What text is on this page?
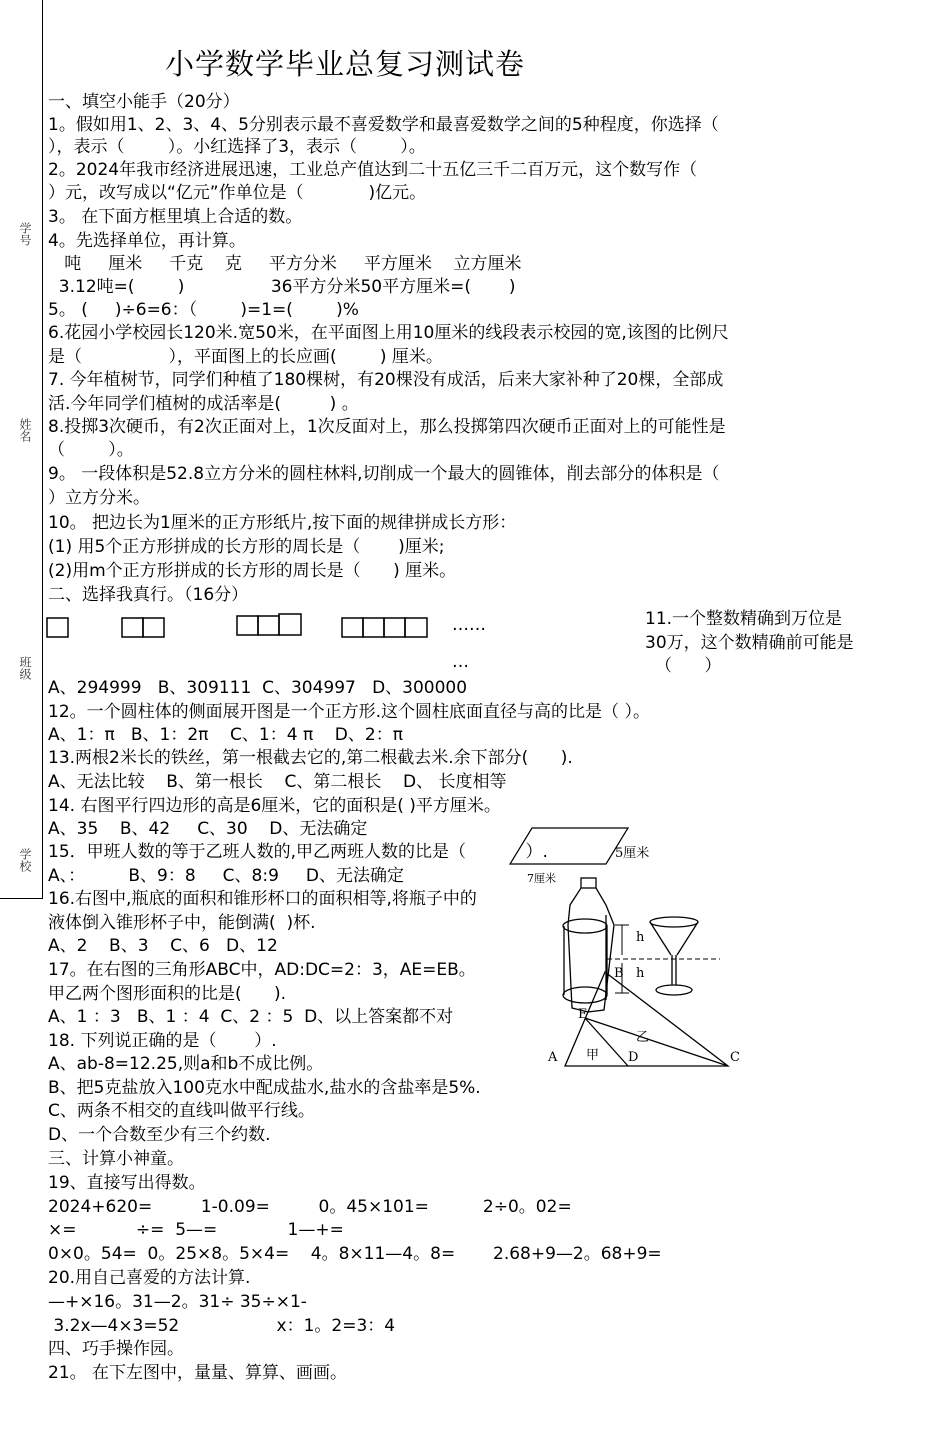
学号
姓名
班级
学校
小学数学毕业总复习测试卷
一、填空小能手（20分）
1。假如用1、2、3、4、5分别表示最不喜爱数学和最喜爱数学之间的5种程度，你选择（
），表示（        ）。小红选择了3，表示（        ）。
2。2024年我市经济进展迅速，工业总产值达到二十五亿三千二百万元，这个数写作（
）元，改写成以“亿元”作单位是（            )亿元。
3。 在下面方框里填上合适的数。
4。先选择单位，再计算。
吨     厘米     千克    克     平方分米     平方厘米    立方厘米
3.12吨=(        )                36平方分米50平方厘米=(       )
5。 (     )÷6=6：（        )=1=(        )%
6.花园小学校园长120米.宽50米，在平面图上用10厘米的线段表示校园的宽,该图的比例尺
是（                ），平面图上的长应画(        ) 厘米。
7. 今年植树节，同学们种植了180棵树，有20棵没有成活，后来大家补种了20棵，全部成
活.今年同学们植树的成活率是(         ) 。
8.投掷3次硬币，有2次正面对上，1次反面对上，那么投掷第四次硬币正面对上的可能性是
（        ）。
9。 一段体积是52.8立方分米的圆柱林料,切削成一个最大的圆锥体，削去部分的体积是（
）立方分米。
10。 把边长为1厘米的正方形纸片,按下面的规律拼成长方形：
(1) 用5个正方形拼成的长方形的周长是（       )厘米;
(2)用m个正方形拼成的长方形的周长是（      ) 厘米。
二、选择我真行。（16分）
A、294999   B、309111  C、304997   D、300000
12。一个圆柱体的侧面展开图是一个正方形.这个圆柱底面直径与高的比是（ ）。
A、1：π   B、1：2π    C、1：4 π    D、2：π
13.两根2米长的铁丝，第一根截去它的,第二根截去米.余下部分(      ).
A、无法比较    B、第一根长    C、第二根长    D、 长度相等
14. 右图平行四边形的高是6厘米，它的面积是( )平方厘米。
A、35    B、42     C、30    D、无法确定
15．甲班人数的等于乙班人数的,甲乙两班人数的比是（           ）.
A、：        B、9：8     C、8:9     D、无法确定
16.右图中,瓶底的面积和锥形杯口的面积相等,将瓶子中的
液体倒入锥形杯子中，能倒满(  )杯.
A、2    B、3    C、6   D、12
17。在右图的三角形ABC中，AD:DC=2：3，AE=EB。
甲乙两个图形面积的比是(      ).
A、1 ：3   B、1 ：4  C、2 ：5  D、以上答案都不对
18. 下列说正确的是（       ）.
A、ab-8=12.25,则a和b不成比例。
B、把5克盐放入100克水中配成盐水,盐水的含盐率是5%.
C、两条不相交的直线叫做平行线。
D、一个合数至少有三个约数.
三、计算小神童。
19、直接写出得数。
2024+620=         1-0.09=         0。45×101=          2÷0。02=
×=           ÷=  5—=             1—+=
0×0。54=  0。25×8。5×4=    4。8×11—4。8=       2.68+9—2。68+9=
20.用自己喜爱的方法计算.
—+×16。31—2。31÷ 35÷×1-
3.2x—4×3=52                  x：1。2=3：4
四、巧手操作园。
21。 在下左图中，量量、算算、画画。
11.一个整数精确到万位是
30万，这个数精确前可能是
（      ）
……
…
5厘米
7厘米
h
h
B
E
A	D	C
甲
乙
